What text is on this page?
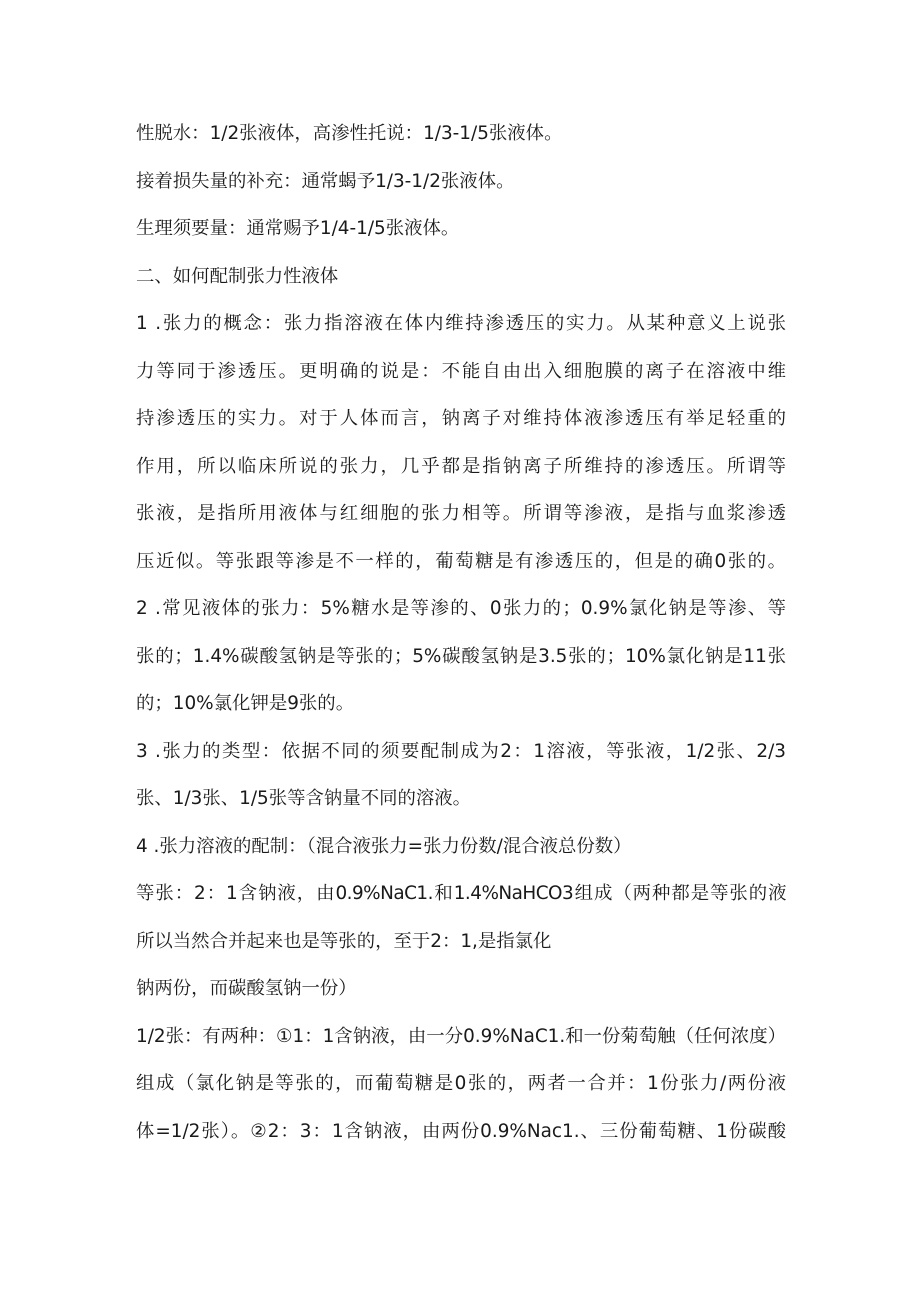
性脱水：1/2张液体，高渗性托说：1/3-1/5张液体。
接着损失量的补充：通常蝎予1/3-1/2张液体。
生理须要量：通常赐予1/4-1/5张液体。
二、如何配制张力性液体
1 .张力的概念：张力指溶液在体内维持渗透压的实力。从某种意义上说张
力等同于渗透压。更明确的说是：不能自由出入细胞膜的离子在溶液中维
持渗透压的实力。对于人体而言，钠离子对维持体液渗透压有举足轻重的
作用，所以临床所说的张力，几乎都是指钠离子所维持的渗透压。所谓等
张液，是指所用液体与红细胞的张力相等。所谓等渗液，是指与血浆渗透
压近似。等张跟等渗是不一样的，葡萄糖是有渗透压的，但是的确0张的。
2 .常见液体的张力：5%糖水是等渗的、0张力的；0.9%氯化钠是等渗、等
张的；1.4%碳酸氢钠是等张的；5%碳酸氢钠是3.5张的；10%氯化钠是11张
的；10%氯化钾是9张的。
3 .张力的类型：依据不同的须要配制成为2：1溶液，等张液，1/2张、2/3
张、1/3张、1/5张等含钠量不同的溶液。
4 .张力溶液的配制：（混合液张力=张力份数/混合液总份数）
等张：2：1含钠液，由0.9%NaC1.和1.4%NaHCO3组成（两种都是等张的液
所以当然合并起来也是等张的，至于2：1,是指氯化
钠两份，而碳酸氢钠一份）
1/2张：有两种：①1：1含钠液，由一分0.9%NaC1.和一份菊萄触（任何浓度）
组成（氯化钠是等张的，而葡萄糖是0张的，两者一合并：1份张力/两份液
体=1/2张）。②2：3：1含钠液，由两份0.9%Nac1.、三份葡萄糖、1份碳酸
